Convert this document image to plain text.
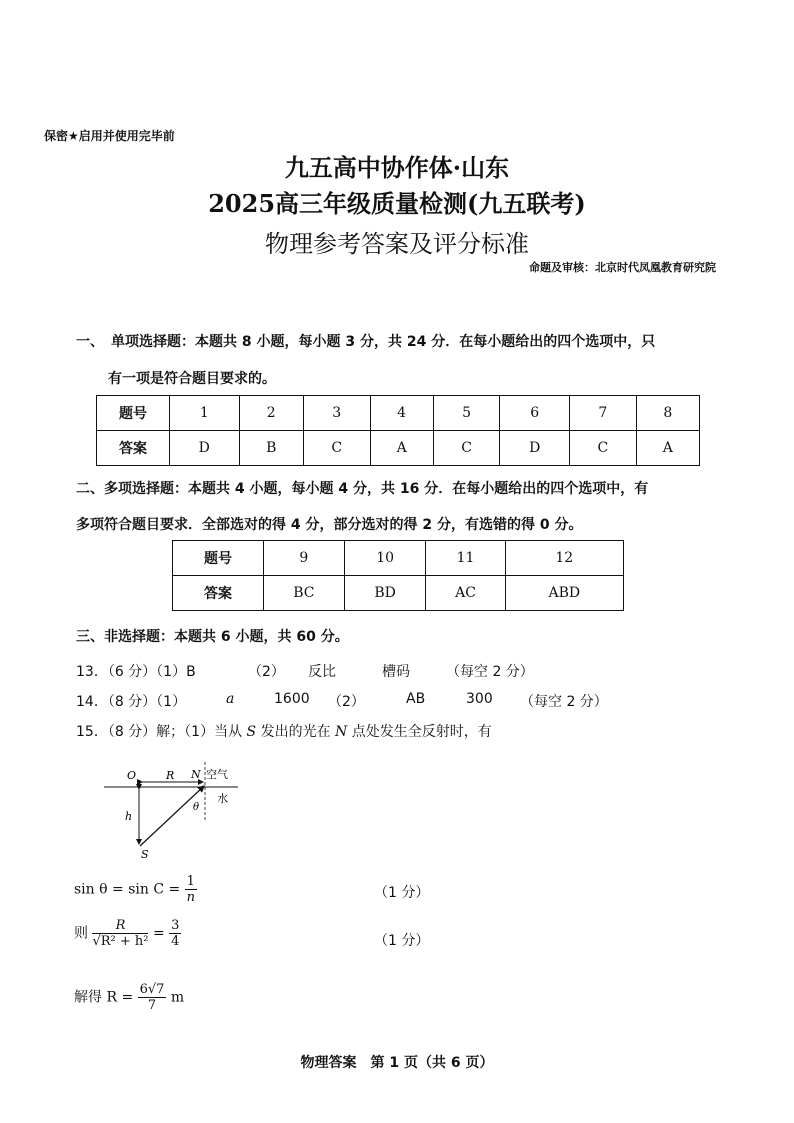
保密★启用并使用完毕前
九五高中协作体·山东
2025高三年级质量检测(九五联考)
物理参考答案及评分标准
命题及审核：北京时代凤凰教育研究院
一、　单项选择题：本题共 8 小题，每小题 3 分，共 24 分．在每小题给出的四个选项中，只
有一项是符合题目要求的。
题号	1	2	3	4	5	6	7	8
答案	D	B	C	A	C	D	C	A
二、多项选择题：本题共 4 小题，每小题 4 分，共 16 分．在每小题给出的四个选项中，有
多项符合题目要求．全部选对的得 4 分，部分选对的得 2 分，有选错的得 0 分。
题号	9	10	11	12
答案	BC	BD	AC	ABD
三、非选择题：本题共 6 小题，共 60 分。
13．（6 分）（1）B	（2） 反比	槽码	（每空 2 分）
14．（8 分）（1）	a	1600 （2）	AB	300 （每空 2 分）
15．（8 分）解；（1）当从 S 发出的光在 N 点处发生全反射时，有
O	R N 空气
水
θ
h
S
$\sin \theta = \sin C = \frac{1}{n}$	（1 分）
则 $\frac{R}{\text{√R² + h²}} = \frac{3}{4}$	（1 分）
解得 $R = \frac{6√7}{7}$ m
物理答案　第 1 页（共 6 页）
